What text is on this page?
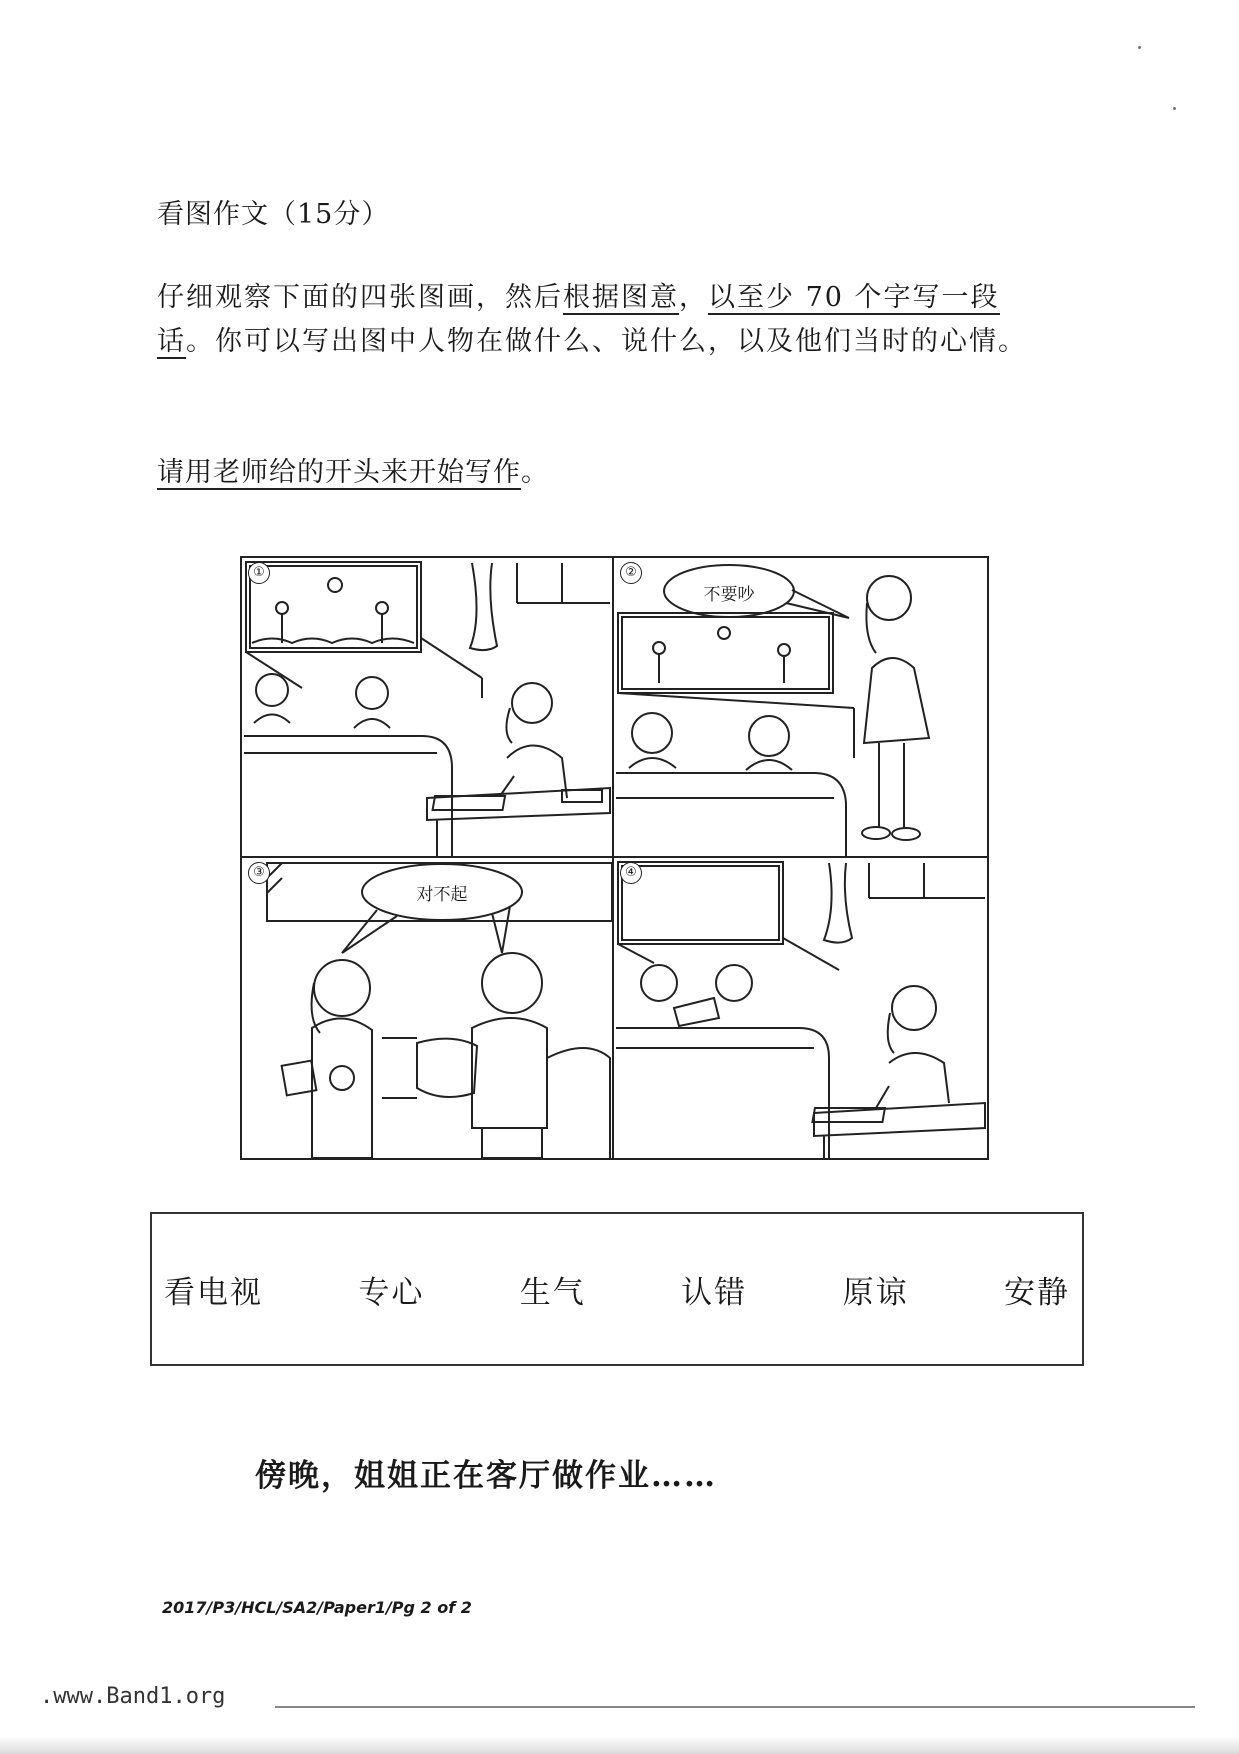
看图作文（15分）
仔细观察下面的四张图画，然后根据图意，以至少 70 个字写一段话。你可以写出图中人物在做什么、说什么，以及他们当时的心情。
请用老师给的开头来开始写作。
①	②
不要吵
③
对不起
④
看电视	专心	生气	认错	原谅	安静
傍晚，姐姐正在客厅做作业……
2017/P3/HCL/SA2/Paper1/Pg 2 of 2
.www.Band1.org
